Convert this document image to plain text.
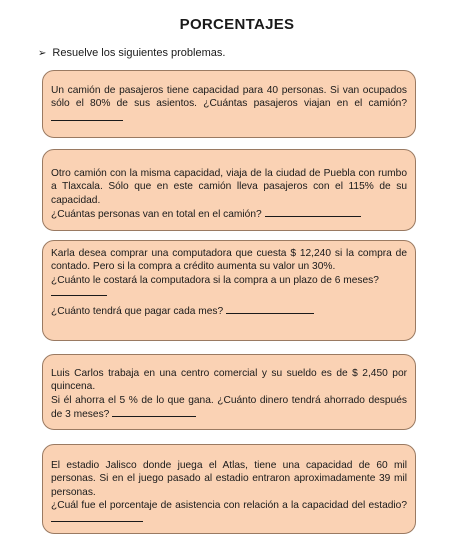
PORCENTAJES
➢ Resuelve los siguientes problemas.

Un camión de pasajeros tiene capacidad para 40 personas. Si van ocupados sólo el 80% de sus asientos. ¿Cuántas pasajeros viajan en el camión?

Otro camión con la misma capacidad, viaja de la ciudad de Puebla con rumbo a Tlaxcala. Sólo que en este camión lleva pasajeros con el 115% de su capacidad.

¿Cuántas personas van en total en el camión?

Karla desea comprar una computadora que cuesta $ 12,240 si la compra de contado. Pero si la compra a crédito aumenta su valor un 30%.

¿Cuánto le costará la computadora si la compra a un plazo de 6 meses?

¿Cuánto tendrá que pagar cada mes?

Luis Carlos trabaja en una centro comercial y su sueldo es de $ 2,450 por quincena.

Si él ahorra el 5 % de lo que gana. ¿Cuánto dinero tendrá ahorrado después de 3 meses?

El estadio Jalisco donde juega el Atlas, tiene una capacidad de 60 mil personas. Si en el juego pasado al estadio entraron aproximadamente 39 mil personas.

¿Cuál fue el porcentaje de asistencia con relación a la capacidad del estadio?
